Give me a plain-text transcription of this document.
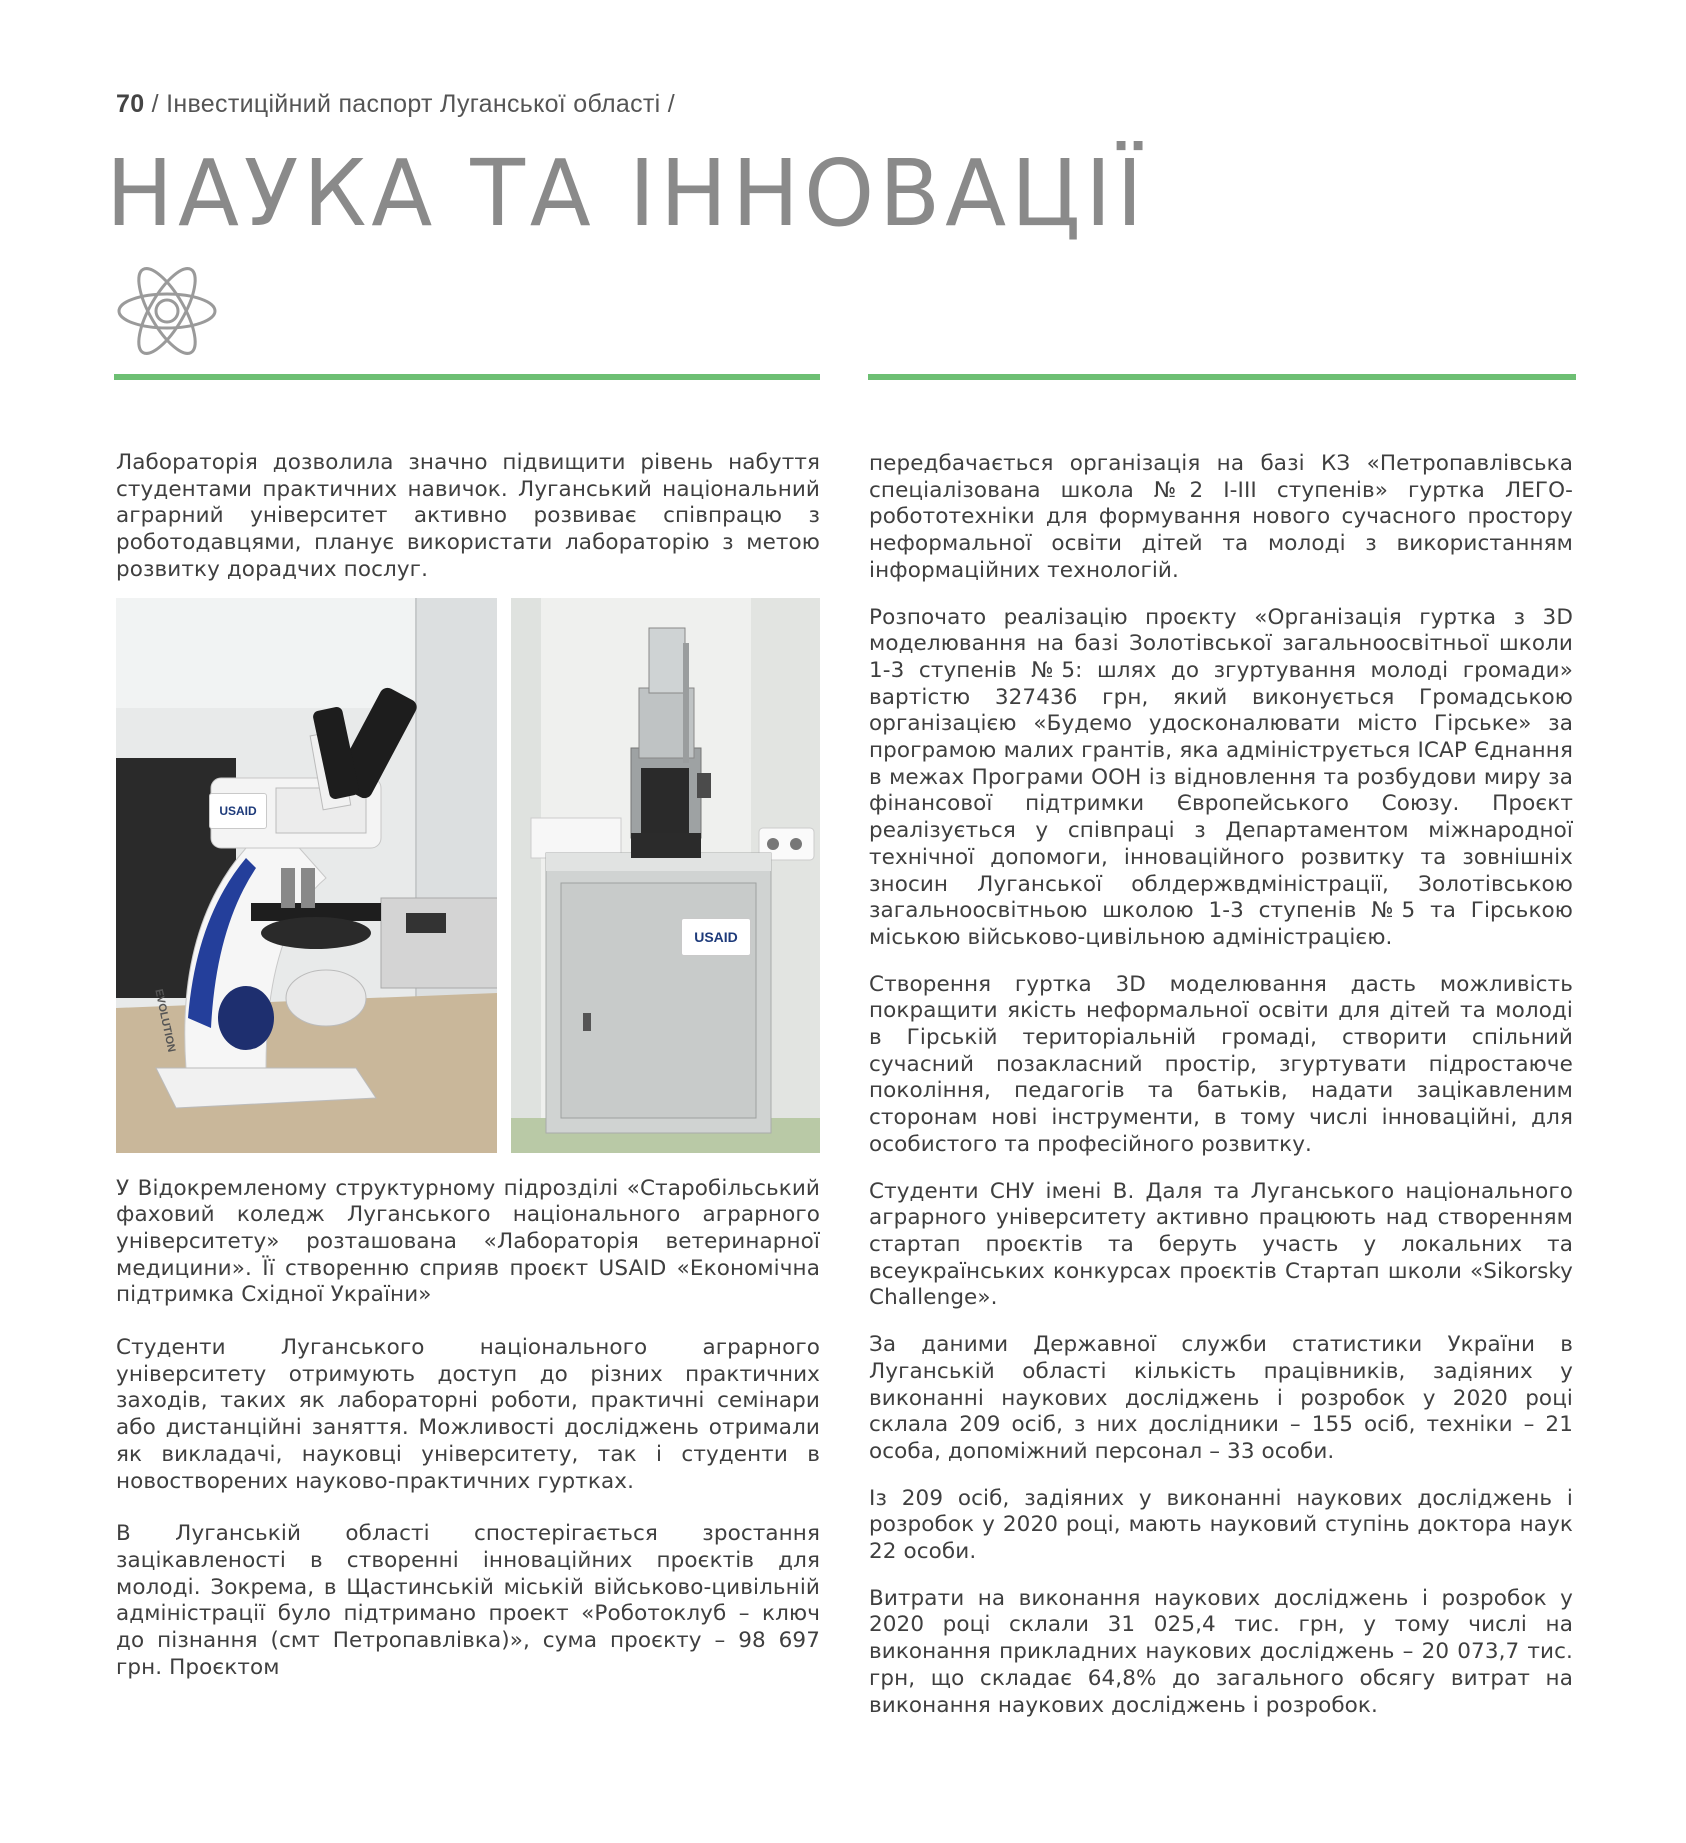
70 / Інвестиційний паспорт Луганської області /
НАУКА ТА ІННОВАЦІЇ

Лабораторія дозволила значно підвищити рівень набуття студентами практичних навичок. Луганський національний аграрний університет активно розвиває співпрацю з роботодавцями, планує використати лабораторію з метою розвитку дорадчих послуг.

USAID
EVOLUTION
USAID

У Відокремленому структурному підрозділі «Старобільський фаховий коледж Луганського національного аграрного університету» розташована «Лабораторія ветеринарної медицини». Її створенню сприяв проєкт USAID «Економічна підтримка Східної України»

Студенти Луганського національного аграрного університету отримують доступ до різних практичних заходів, таких як лабораторні роботи, практичні семінари або дистанційні заняття. Можливості досліджень отримали як викладачі, науковці університету, так і студенти в новостворених науково-практичних гуртках.

В Луганській області спостерігається зростання зацікавленості в створенні інноваційних проєктів для молоді. Зокрема, в Щастинській міській військово-цивільній адміністрації було підтримано проект «Роботоклуб – ключ до пізнання (смт Петропавлівка)», сума проєкту – 98 697 грн. Проєктом

передбачається організація на базі КЗ «Петропавлівська спеціалізована школа №2 І-ІІІ ступенів» гуртка ЛЕГО-робототехніки для формування нового сучасного простору неформальної освіти дітей та молоді з використанням інформаційних технологій.

Розпочато реалізацію проєкту «Організація гуртка з 3D моделювання на базі Золотівської загальноосвітньої школи 1-3 ступенів №5: шлях до згуртування молоді громади» вартістю 327436 грн, який виконується Громадською організацією «Будемо удосконалювати місто Гірське» за програмою малих грантів, яка адмініструється ІСАР Єднання в межах Програми ООН із відновлення та розбудови миру за фінансової підтримки Європейського Союзу. Проєкт реалізується у співпраці з Департаментом міжнародної технічної допомоги, інноваційного розвитку та зовнішніх зносин Луганської облдержвдміністрації, Золотівською загальноосвітньою школою 1-3 ступенів №5 та Гірською міською військово-цивільною адміністрацією.

Створення гуртка 3D моделювання дасть можливість покращити якість неформальної освіти для дітей та молоді в Гірській територіальній громаді, створити спільний сучасний позакласний простір, згуртувати підростаюче покоління, педагогів та батьків, надати зацікавленим сторонам нові інструменти, в тому числі інноваційні, для особистого та професійного розвитку.

Студенти СНУ імені В. Даля та Луганського національного аграрного університету активно працюють над створенням стартап проєктів та беруть участь у локальних та всеукраїнських конкурсах проєктів Стартап школи «Sikorsky Challenge».

За даними Державної служби статистики України в Луганській області кількість працівників, задіяних у виконанні наукових досліджень і розробок у 2020 році склала 209 осіб, з них дослідники – 155 осіб, техніки – 21 особа, допоміжний персонал – 33 особи.

Із 209 осіб, задіяних у виконанні наукових досліджень і розробок у 2020 році, мають науковий ступінь доктора наук 22 особи.

Витрати на виконання наукових досліджень і розробок у 2020 році склали 31 025,4 тис. грн, у тому числі на виконання прикладних наукових досліджень – 20 073,7 тис. грн, що складає 64,8% до загального обсягу витрат на виконання наукових досліджень і розробок.
